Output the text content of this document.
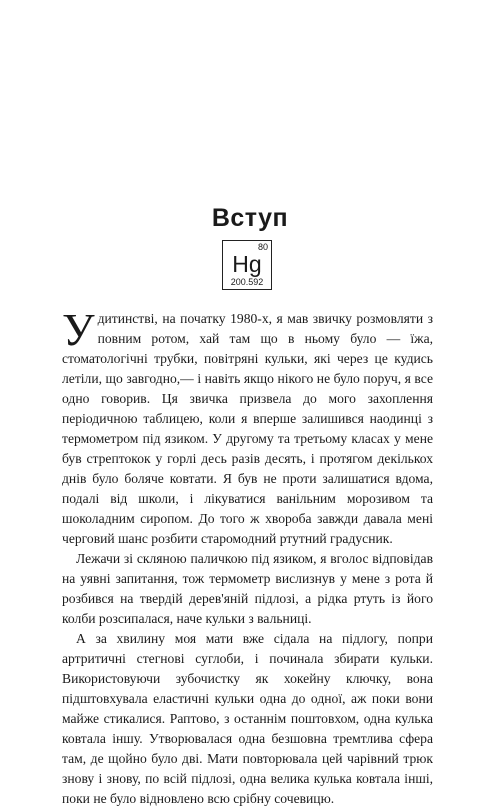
Вступ
80
Hg
200.592

Удитинстві, на початку 1980-х, я мав звичку розмовляти з повним ротом, хай там що в ньому було — їжа, стоматологічні трубки, повітряні кульки, які через це кудись летіли, що завгодно,— і навіть якщо нікого не було поруч, я все одно говорив. Ця звичка призвела до мого захоплення періодичною таблицею, коли я вперше залишився наодинці з термометром під язиком. У другому та третьому класах у мене був стрептокок у горлі десь разів десять, і протягом декількох днів було боляче ковтати. Я був не проти залишатися вдома, подалі від школи, і лікуватися ванільним морозивом та шоколадним сиропом. До того ж хвороба завжди давала мені черговий шанс розбити старомодний ртутний градусник.

Лежачи зі скляною паличкою під язиком, я вголос відповідав на уявні запитання, тож термометр вислизнув у мене з рота й розбився на твердій дерев'яній підлозі, а рідка ртуть із його колби розсипалася, наче кульки з вальниці.

А за хвилину моя мати вже сідала на підлогу, попри артритичні стегнові суглоби, і починала збирати кульки. Використовуючи зубочистку як хокейну ключку, вона підштовхувала еластичні кульки одна до одної, аж поки вони майже стикалися. Раптово, з останнім поштовхом, одна кулька ковтала іншу. Утворювалася одна безшовна тремтлива сфера там, де щойно було дві. Мати повторювала цей чарівний трюк знову і знову, по всій підлозі, одна велика кулька ковтала інші, поки не було відновлено всю срібну сочевицю.
